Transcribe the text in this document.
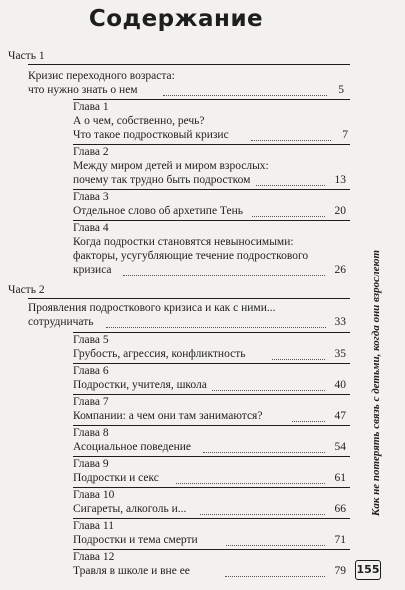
Содержание
Часть 1
Кризис переходного возраста:
что нужно знать о нем	5
Глава 1
А о чем, собственно, речь?
Что такое подростковый кризис	7
Глава 2
Между миром детей и миром взрослых:
почему так трудно быть подростком	13
Глава 3
Отдельное слово об архетипе Тень	20
Глава 4
Когда подростки становятся невыносимыми:
факторы, усугубляющие течение подросткового
кризиса	26
Часть 2
Проявления подросткового кризиса и как с ними...
сотрудничать	33
Глава 5
Грубость, агрессия, конфликтность	35
Глава 6
Подростки, учителя, школа	40
Глава 7
Компании: а чем они там занимаются?	47
Глава 8
Асоциальное поведение	54
Глава 9
Подростки и секс	61
Глава 10
Сигареты, алкоголь и...	66
Глава 11
Подростки и тема смерти	71
Глава 12
Травля в школе и вне ее	79
Как не потерять связь с детьми, когда они взрослеют
155
